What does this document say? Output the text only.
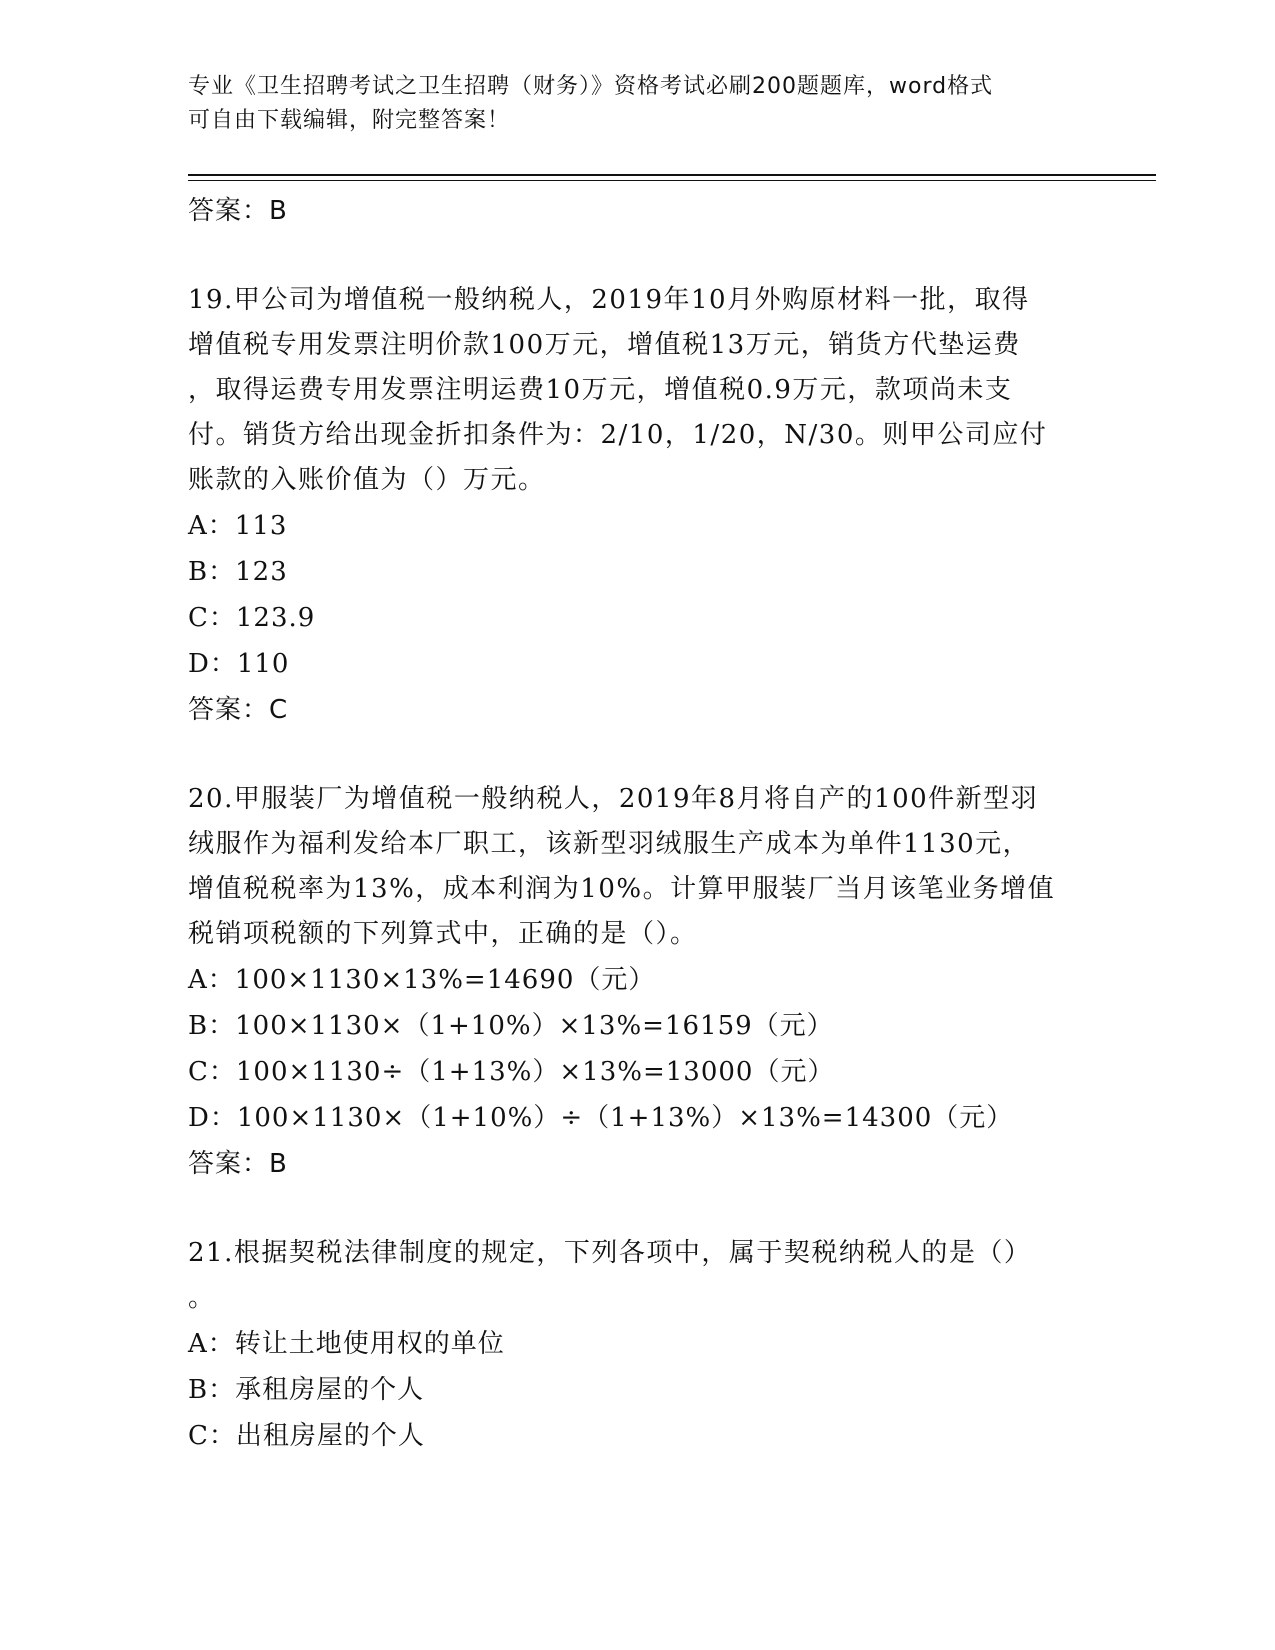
专业《卫生招聘考试之卫生招聘（财务）》资格考试必刷200题题库，word格式
可自由下载编辑，附完整答案！
答案：B
19.甲公司为增值税一般纳税人，2019年10月外购原材料一批，取得
增值税专用发票注明价款100万元，增值税13万元，销货方代垫运费
，取得运费专用发票注明运费10万元，增值税0.9万元，款项尚未支
付。销货方给出现金折扣条件为：2/10，1/20，N/30。则甲公司应付
账款的入账价值为（）万元。
A：113
B：123
C：123.9
D：110
答案：C
20.甲服装厂为增值税一般纳税人，2019年8月将自产的100件新型羽
绒服作为福利发给本厂职工，该新型羽绒服生产成本为单件1130元，
增值税税率为13%，成本利润为10%。计算甲服装厂当月该笔业务增值
税销项税额的下列算式中，正确的是（）。
A：100×1130×13%=14690（元）
B：100×1130×（1+10%）×13%=16159（元）
C：100×1130÷（1+13%）×13%=13000（元）
D：100×1130×（1+10%）÷（1+13%）×13%=14300（元）
答案：B
21.根据契税法律制度的规定，下列各项中，属于契税纳税人的是（）
。
A：转让土地使用权的单位
B：承租房屋的个人
C：出租房屋的个人
